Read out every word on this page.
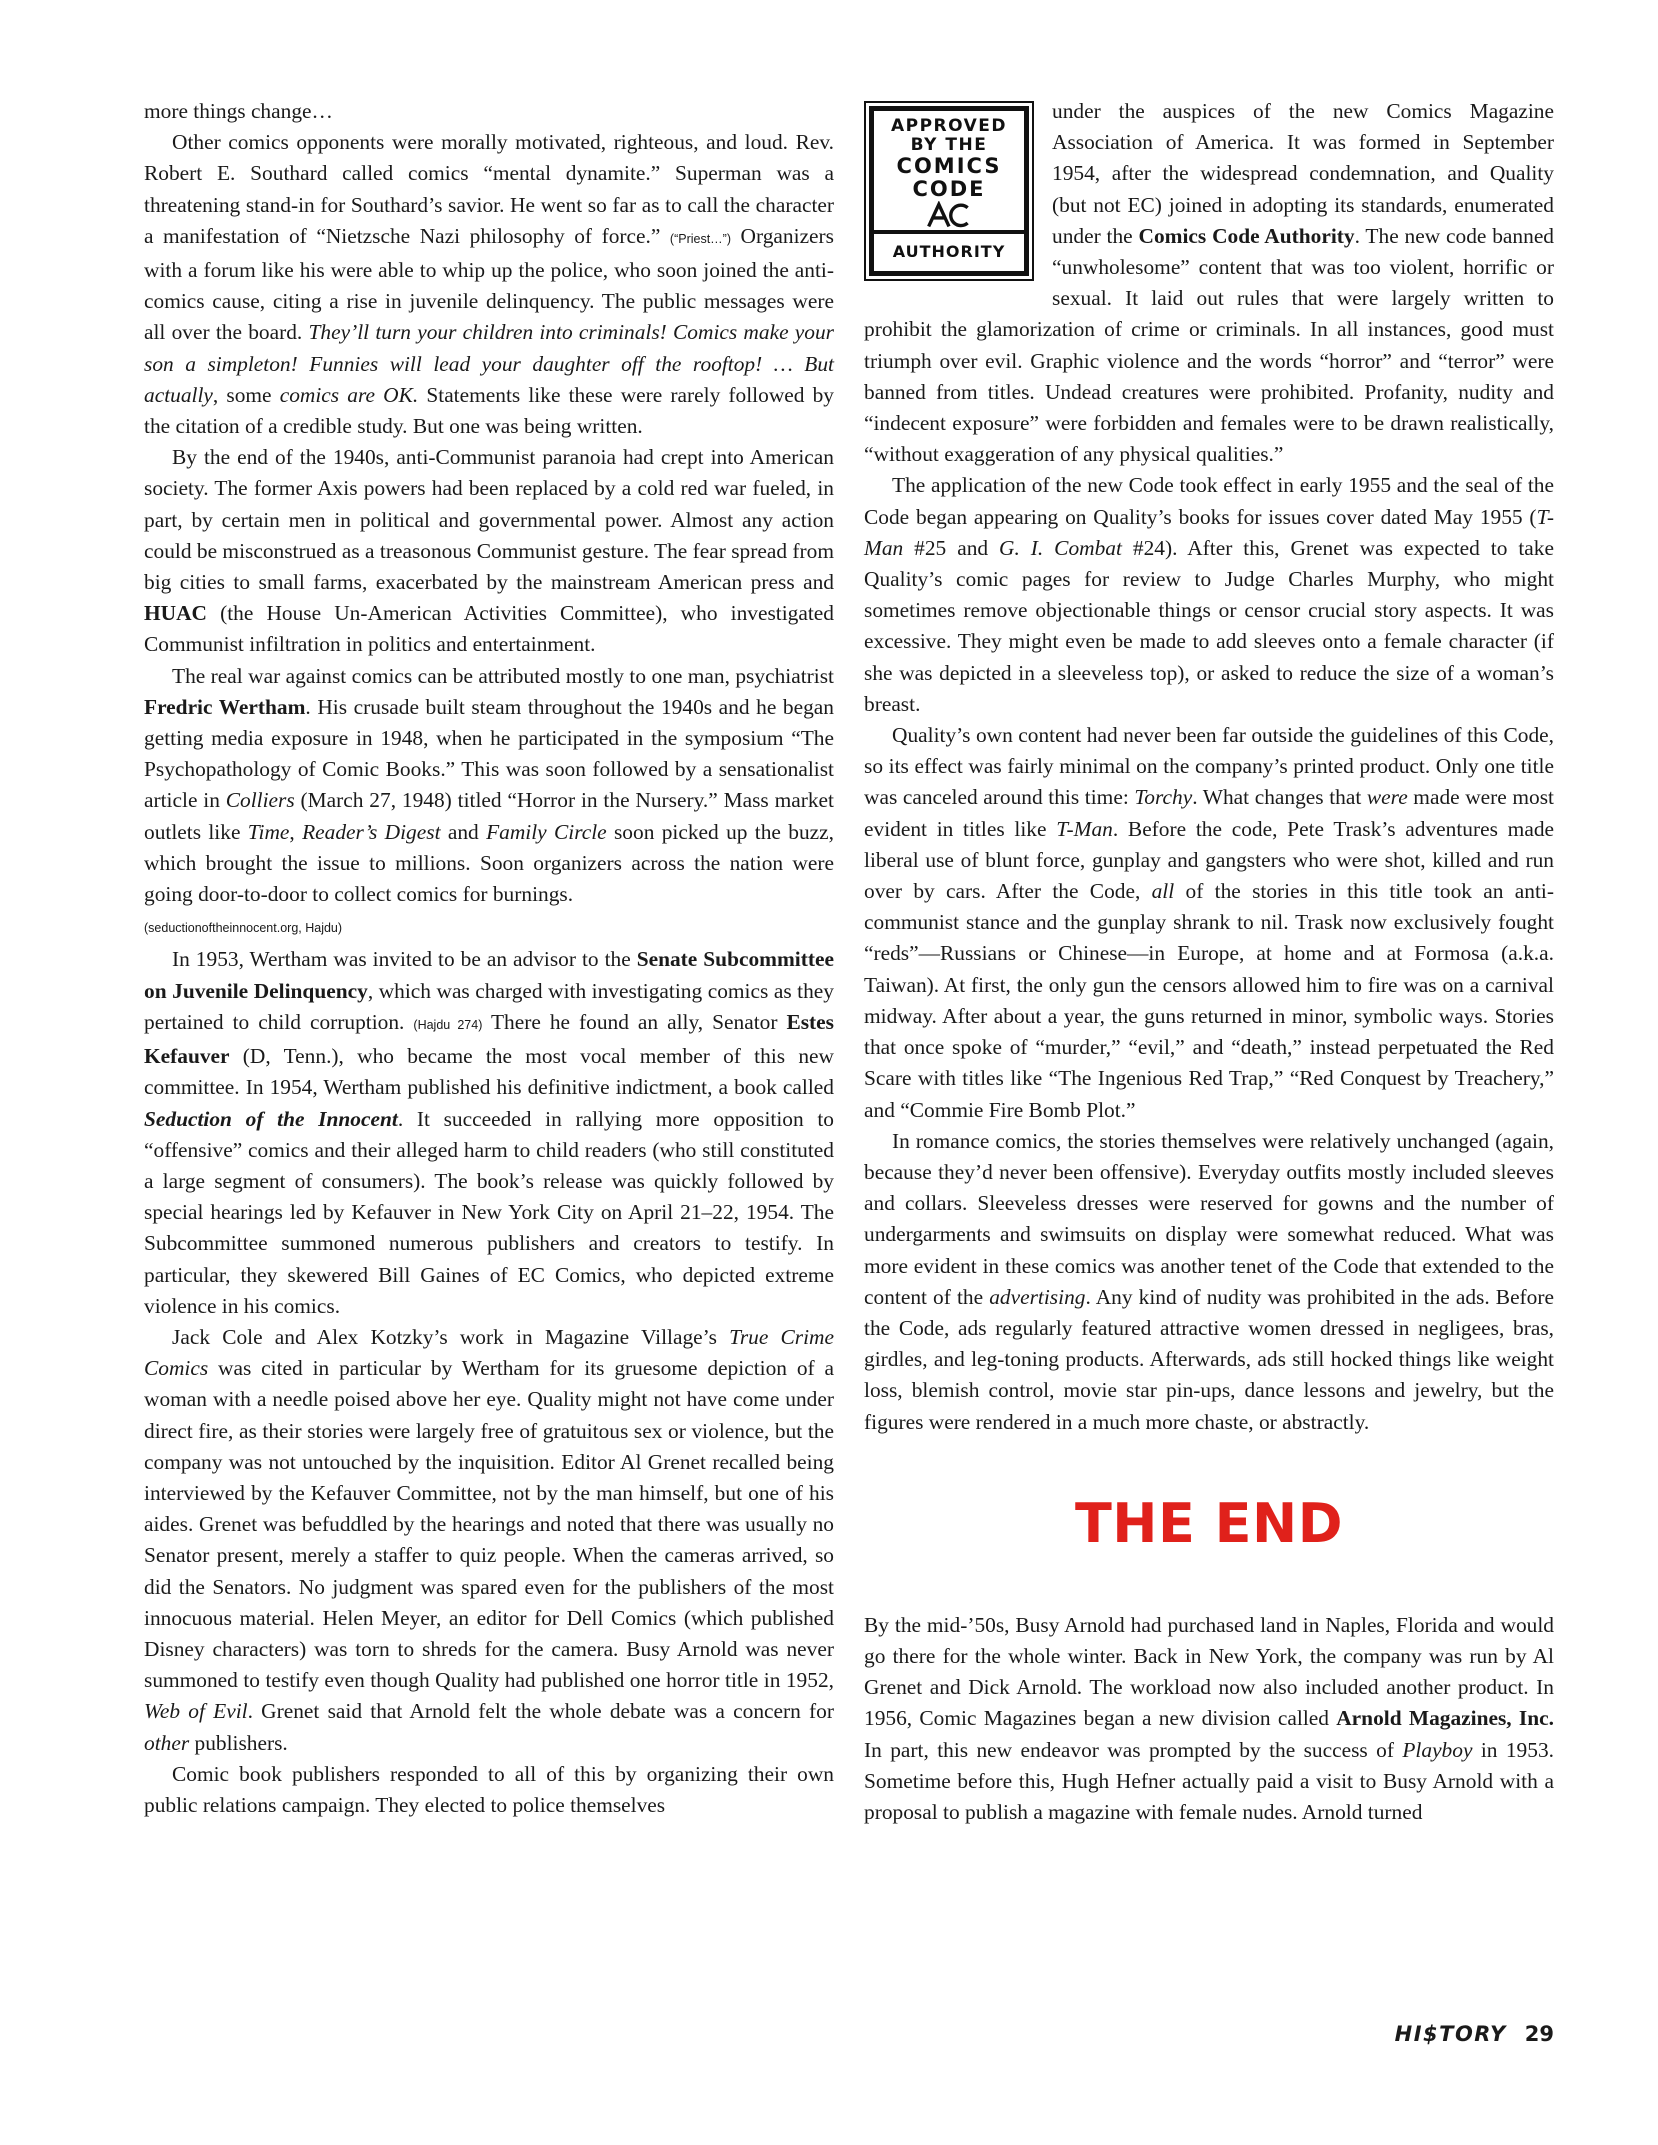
more things change…

Other comics opponents were morally motivated, righteous, and loud. Rev. Robert E. Southard called comics “mental dynamite.” Superman was a threatening stand-in for Southard’s savior. He went so far as to call the character a manifestation of “Nietzsche Nazi philosophy of force.” (“Priest…”) Organizers with a forum like his were able to whip up the police, who soon joined the anti-comics cause, citing a rise in juvenile delinquency. The public messages were all over the board. They’ll turn your children into criminals! Comics make your son a simpleton! Funnies will lead your daughter off the rooftop! … But actually, some comics are OK. Statements like these were rarely followed by the citation of a credible study. But one was being written.

By the end of the 1940s, anti-Communist paranoia had crept into American society. The former Axis powers had been replaced by a cold red war fueled, in part, by certain men in political and governmental power. Almost any action could be misconstrued as a treasonous Communist gesture. The fear spread from big cities to small farms, exacerbated by the mainstream American press and HUAC (the House Un-American Activities Committee), who investigated Communist infiltration in politics and entertainment.

The real war against comics can be attributed mostly to one man, psychiatrist Fredric Wertham. His crusade built steam throughout the 1940s and he began getting media exposure in 1948, when he participated in the symposium “The Psychopathology of Comic Books.” This was soon followed by a sensationalist article in Colliers (March 27, 1948) titled “Horror in the Nursery.” Mass market outlets like Time, Reader’s Digest and Family Circle soon picked up the buzz, which brought the issue to millions. Soon organizers across the nation were going door-to-door to collect comics for burnings.
(seductionoftheinnocent.org, Hajdu)

In 1953, Wertham was invited to be an advisor to the Senate Subcommittee on Juvenile Delinquency, which was charged with investigating comics as they pertained to child corruption. (Hajdu 274) There he found an ally, Senator Estes Kefauver (D, Tenn.), who became the most vocal member of this new committee. In 1954, Wertham published his definitive indictment, a book called Seduction of the Innocent. It succeeded in rallying more opposition to “offensive” comics and their alleged harm to child readers (who still constituted a large segment of consumers). The book’s release was quickly followed by special hearings led by Kefauver in New York City on April 21–22, 1954. The Subcommittee summoned numerous publishers and creators to testify. In particular, they skewered Bill Gaines of EC Comics, who depicted extreme violence in his comics.

Jack Cole and Alex Kotzky’s work in Magazine Village’s True Crime Comics was cited in particular by Wertham for its gruesome depiction of a woman with a needle poised above her eye. Quality might not have come under direct fire, as their stories were largely free of gratuitous sex or violence, but the company was not untouched by the inquisition. Editor Al Grenet recalled being interviewed by the Kefauver Committee, not by the man himself, but one of his aides. Grenet was befuddled by the hearings and noted that there was usually no Senator present, merely a staffer to quiz people. When the cameras arrived, so did the Senators. No judgment was spared even for the publishers of the most innocuous material. Helen Meyer, an editor for Dell Comics (which published Disney characters) was torn to shreds for the camera. Busy Arnold was never summoned to testify even though Quality had published one horror title in 1952, Web of Evil. Grenet said that Arnold felt the whole debate was a concern for other publishers.

Comic book publishers responded to all of this by organizing their own public relations campaign. They elected to police themselves

APPROVED
BY THE
COMICS
CODE
AUTHORITY

under the auspices of the new Comics Magazine Association of America. It was formed in September 1954, after the widespread condemnation, and Quality (but not EC) joined in adopting its standards, enumerated under the Comics Code Authority. The new code banned “unwholesome” content that was too violent, horrific or sexual. It laid out rules that were largely written to prohibit the glamorization of crime or criminals. In all instances, good must triumph over evil. Graphic violence and the words “horror” and “terror” were banned from titles. Undead creatures were prohibited. Profanity, nudity and “indecent exposure” were forbidden and females were to be drawn realistically, “without exaggeration of any physical qualities.”

The application of the new Code took effect in early 1955 and the seal of the Code began appearing on Quality’s books for issues cover dated May 1955 (T-Man #25 and G. I. Combat #24). After this, Grenet was expected to take Quality’s comic pages for review to Judge Charles Murphy, who might sometimes remove objectionable things or censor crucial story aspects. It was excessive. They might even be made to add sleeves onto a female character (if she was depicted in a sleeveless top), or asked to reduce the size of a woman’s breast.

Quality’s own content had never been far outside the guidelines of this Code, so its effect was fairly minimal on the company’s printed product. Only one title was canceled around this time: Torchy. What changes that were made were most evident in titles like T-Man. Before the code, Pete Trask’s adventures made liberal use of blunt force, gunplay and gangsters who were shot, killed and run over by cars. After the Code, all of the stories in this title took an anti-communist stance and the gunplay shrank to nil. Trask now exclusively fought “reds”—Russians or Chinese—in Europe, at home and at Formosa (a.k.a. Taiwan). At first, the only gun the censors allowed him to fire was on a carnival midway. After about a year, the guns returned in minor, symbolic ways. Stories that once spoke of “murder,” “evil,” and “death,” instead perpetuated the Red Scare with titles like “The Ingenious Red Trap,” “Red Conquest by Treachery,” and “Commie Fire Bomb Plot.”

In romance comics, the stories themselves were relatively unchanged (again, because they’d never been offensive). Everyday outfits mostly included sleeves and collars. Sleeveless dresses were reserved for gowns and the number of undergarments and swimsuits on display were somewhat reduced. What was more evident in these comics was another tenet of the Code that extended to the content of the advertising. Any kind of nudity was prohibited in the ads. Before the Code, ads regularly featured attractive women dressed in negligees, bras, girdles, and leg-toning products. Afterwards, ads still hocked things like weight loss, blemish control, movie star pin-ups, dance lessons and jewelry, but the figures were rendered in a much more chaste, or abstractly.

THE END

By the mid-’50s, Busy Arnold had purchased land in Naples, Florida and would go there for the whole winter. Back in New York, the company was run by Al Grenet and Dick Arnold. The workload now also included another product. In 1956, Comic Magazines began a new division called Arnold Magazines, Inc. In part, this new endeavor was prompted by the success of Playboy in 1953. Sometime before this, Hugh Hefner actually paid a visit to Busy Arnold with a proposal to publish a magazine with female nudes. Arnold turned

HI$TORY 29
